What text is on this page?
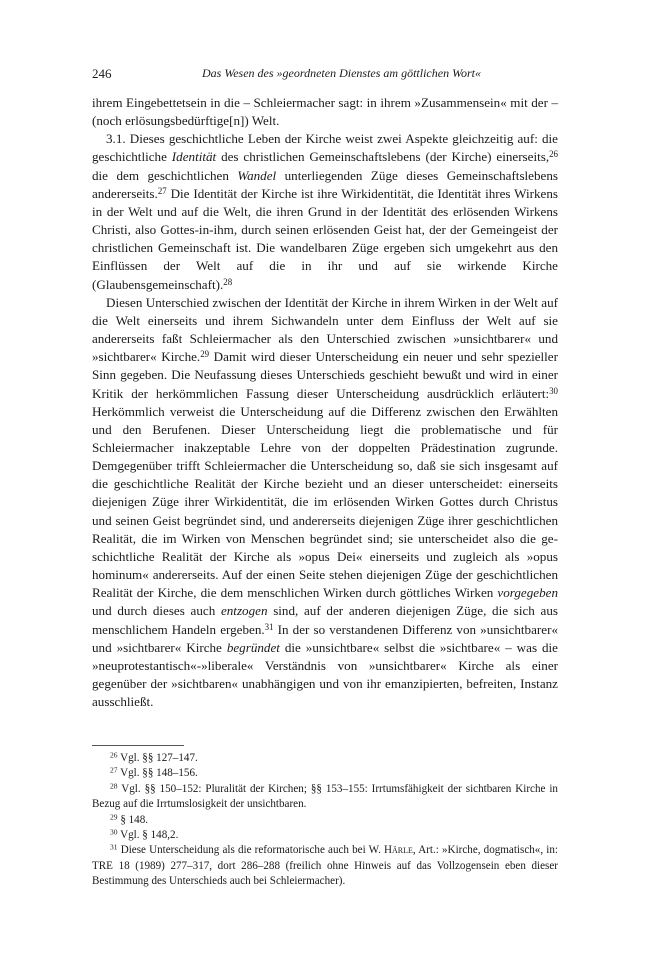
246	Das Wesen des »geordneten Dienstes am göttlichen Wort«

ihrem Eingebettetsein in die – Schleiermacher sagt: in ihrem »Zusammensein« mit der – (noch erlösungsbedürftige[n]) Welt.

3.1. Dieses geschichtliche Leben der Kirche weist zwei Aspekte gleichzeitig auf: die geschichtliche Identität des christlichen Gemeinschaftslebens (der Kirche) einerseits,$^{26}$ die dem geschichtlichen Wandel unterliegenden Züge dieses Gemeinschaftslebens andererseits.$^{27}$ Die Identität der Kirche ist ihre Wirkidentität, die Identität ihres Wirkens in der Welt und auf die Welt, die ihren Grund in der Identität des erlösenden Wirkens Christi, also Gottes-in-ihm, durch seinen erlösenden Geist hat, der der Gemeingeist der christlichen Gemeinschaft ist. Die wandelbaren Züge ergeben sich umgekehrt aus den Einflüssen der Welt auf die in ihr und auf sie wirkende Kirche (Glaubensgemeinschaft).$^{28}$

Diesen Unterschied zwischen der Identität der Kirche in ihrem Wirken in der Welt auf die Welt einerseits und ihrem Sichwandeln unter dem Einfluss der Welt auf sie andererseits faßt Schleiermacher als den Unterschied zwischen »unsichtbarer« und »sichtbarer« Kirche.$^{29}$ Damit wird dieser Unterscheidung ein neuer und sehr spezieller Sinn gegeben. Die Neufassung dieses Unterschieds geschieht bewußt und wird in einer Kritik der herkömmlichen Fassung dieser Unterscheidung ausdrücklich erläutert:$^{30}$ Herkömmlich verweist die Unterscheidung auf die Differenz zwischen den Erwählten und den Berufenen. Dieser Unterscheidung liegt die problematische und für Schleiermacher inakzeptable Lehre von der doppelten Prädestination zugrunde. Demgegenüber trifft Schleiermacher die Unterscheidung so, daß sie sich insgesamt auf die geschichtliche Realität der Kirche bezieht und an dieser unterscheidet: einerseits diejenigen Züge ihrer Wirkidentität, die im erlösenden Wirken Gottes durch Christus und seinen Geist begründet sind, und andererseits diejenigen Züge ihrer geschichtlichen Realität, die im Wirken von Menschen begründet sind; sie unterscheidet also die geschichtliche Realität der Kirche als »opus Dei« einerseits und zugleich als »opus hominum« andererseits. Auf der einen Seite stehen diejenigen Züge der geschichtlichen Realität der Kirche, die dem menschlichen Wirken durch göttliches Wirken vorgegeben und durch dieses auch entzogen sind, auf der anderen diejenigen Züge, die sich aus menschlichem Handeln ergeben.$^{31}$ In der so verstandenen Differenz von »unsichtbarer« und »sichtbarer« Kirche begründet die »unsichtbare« selbst die »sichtbare« – was die »neuprotestantisch«-»liberale« Verständnis von »unsichtbarer« Kirche als einer gegenüber der »sichtbaren« unabhängigen und von ihr emanzipierten, befreiten, Instanz ausschließt.

$^{26}$ Vgl. §§ 127–147.

$^{27}$ Vgl. §§ 148–156.

$^{28}$ Vgl. §§ 150–152: Pluralität der Kirchen; §§ 153–155: Irrtumsfähigkeit der sichtbaren Kirche in Bezug auf die Irrtumslosigkeit der unsichtbaren.

$^{29}$ § 148.

$^{30}$ Vgl. § 148,2.

$^{31}$ Diese Unterscheidung als die reformatorische auch bei W. Härle, Art.: »Kirche, dogmatisch«, in: TRE 18 (1989) 277–317, dort 286–288 (freilich ohne Hinweis auf das Vollzogensein eben dieser Bestimmung des Unterschieds auch bei Schleiermacher).
